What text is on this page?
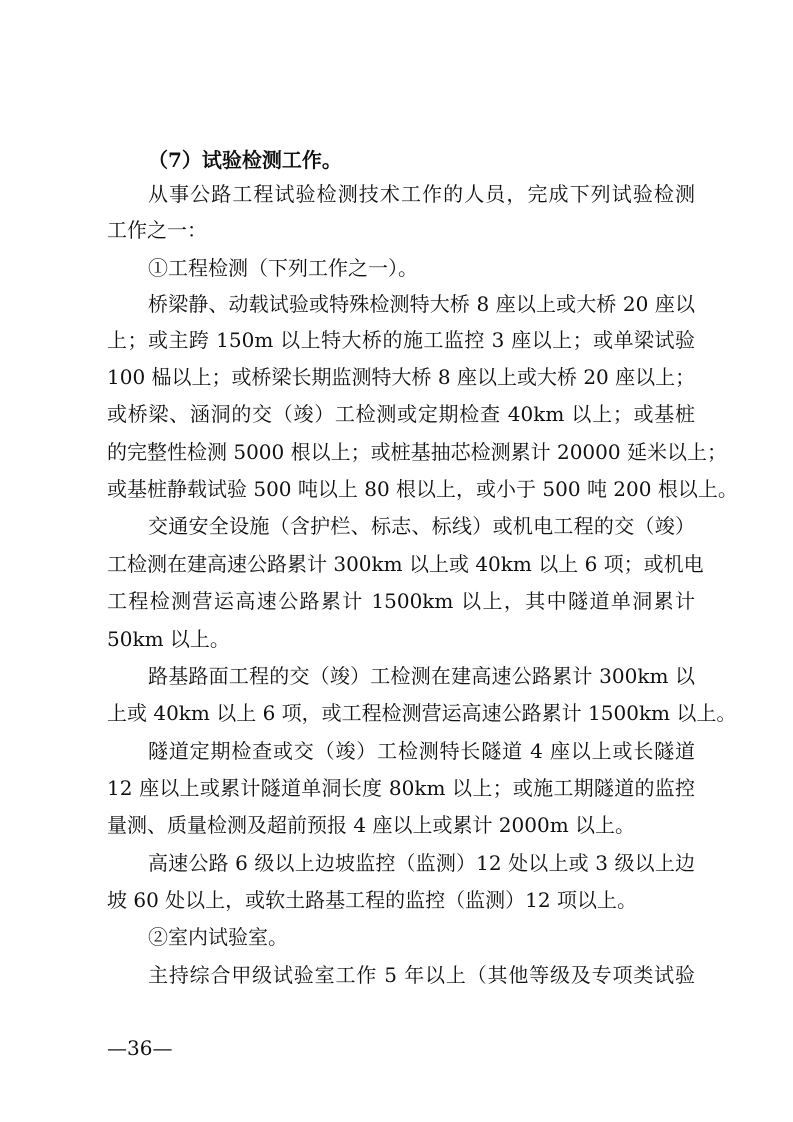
（7）试验检测工作。
从事公路工程试验检测技术工作的人员，完成下列试验检测
工作之一：
①工程检测（下列工作之一）。
桥梁静、动载试验或特殊检测特大桥 8 座以上或大桥 20 座以
上；或主跨 150m 以上特大桥的施工监控 3 座以上；或单梁试验
100 榀以上；或桥梁长期监测特大桥 8 座以上或大桥 20 座以上；
或桥梁、涵洞的交（竣）工检测或定期检查 40km 以上；或基桩
的完整性检测 5000 根以上；或桩基抽芯检测累计 20000 延米以上；
或基桩静载试验 500 吨以上 80 根以上，或小于 500 吨 200 根以上。
交通安全设施（含护栏、标志、标线）或机电工程的交（竣）
工检测在建高速公路累计 300km 以上或 40km 以上 6 项；或机电
工程检测营运高速公路累计 1500km 以上，其中隧道单洞累计
50km 以上。
路基路面工程的交（竣）工检测在建高速公路累计 300km 以
上或 40km 以上 6 项，或工程检测营运高速公路累计 1500km 以上。
隧道定期检查或交（竣）工检测特长隧道 4 座以上或长隧道
12 座以上或累计隧道单洞长度 80km 以上；或施工期隧道的监控
量测、质量检测及超前预报 4 座以上或累计 2000m 以上。
高速公路 6 级以上边坡监控（监测）12 处以上或 3 级以上边
坡 60 处以上，或软土路基工程的监控（监测）12 项以上。
②室内试验室。
主持综合甲级试验室工作 5 年以上（其他等级及专项类试验
—36—
